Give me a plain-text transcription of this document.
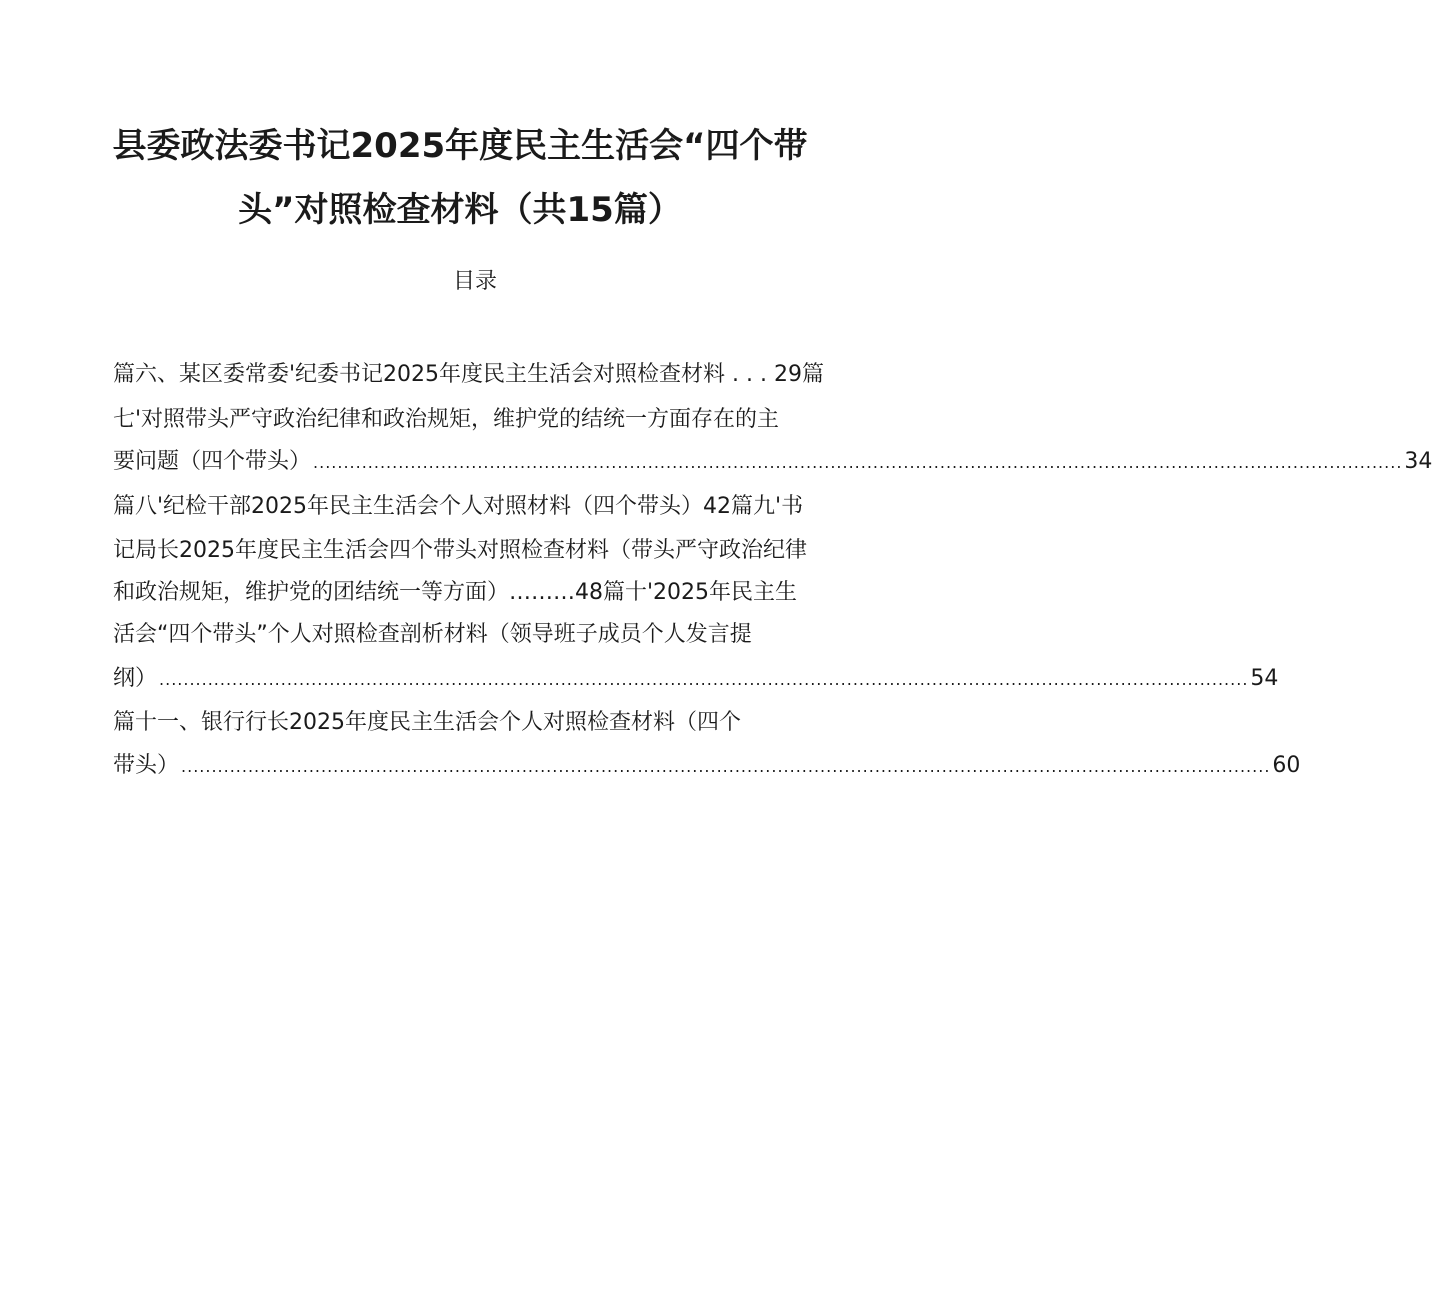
县委政法委书记2025年度民主生活会“四个带
头”对照检查材料（共15篇）
目录
篇六、某区委常委'纪委书记2025年度民主生活会对照检查材料 . . . 29篇
七'对照带头严守政治纪律和政治规矩，维护党的结统一方面存在的主
要问题（四个带头） ................................................................................................................................................................................... 34
篇八'纪检干部2025年民主生活会个人对照材料（四个带头）42篇九'书
记局长2025年度民主生活会四个带头对照检查材料（带头严守政治纪律
和政治规矩，维护党的团结统一等方面）………48篇十'2025年民主生
活会“四个带头”个人对照检查剖析材料（领导班子成员个人发言提
纲） ................................................................................................................................................................................... 54
篇十一、银行行长2025年度民主生活会个人对照检查材料（四个
带头） ................................................................................................................................................................................... 60
